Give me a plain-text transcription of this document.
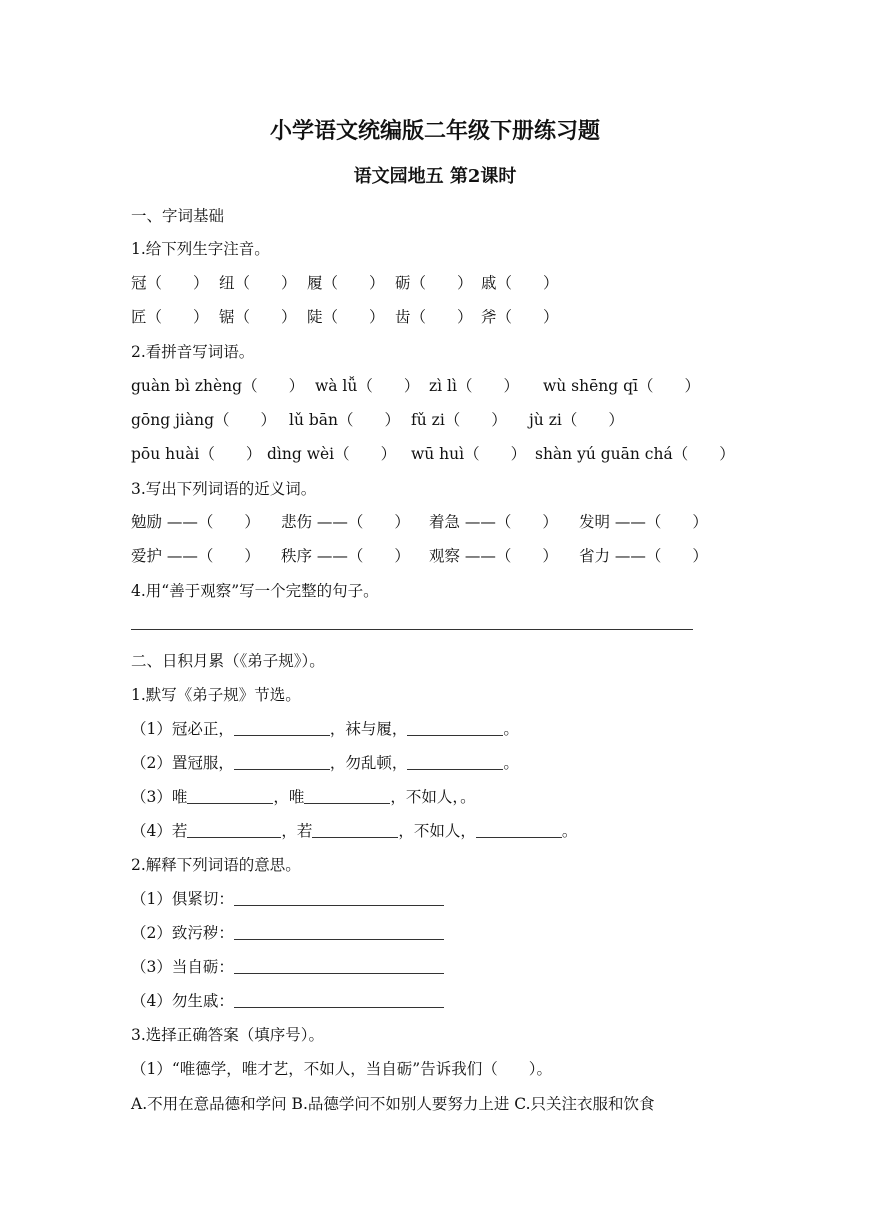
小学语文统编版二年级下册练习题
语文园地五 第2课时
一、字词基础
1.给下列生字注音。
冠（　　） 纽（　　） 履（　　） 砺（　　） 戚（　　）
匠（　　） 锯（　　） 陡（　　） 齿（　　） 斧（　　）
2.看拼音写词语。
guàn bì zhèng（　　） wà lǚ（　　） zì lì（　　） wù shēng qī（　　）
gōng jiàng（　　） lǔ bān（　　） fǔ zi（　　） jù zi（　　）
pōu huài（　　） dìng wèi（　　） wū huì（　　） shàn yú guān chá（　　）
3.写出下列词语的近义词。
勉励 ——（　　） 悲伤 ——（　　） 着急 ——（　　） 发明 ——（　　）
爱护 ——（　　） 秩序 ——（　　） 观察 ——（　　） 省力 ——（　　）
4.用“善于观察”写一个完整的句子。
二、日积月累（《弟子规》）。
1.默写《弟子规》节选。
（1）冠必正，	，袜与履，	。
（2）置冠服，	，勿乱顿，	。
（3）唯	，唯	，不如人，。
（4）若	，若	，不如人，	。
2.解释下列词语的意思。
（1）俱紧切：
（2）致污秽：
（3）当自砺：
（4）勿生戚：
3.选择正确答案（填序号）。
（1）“唯德学，唯才艺，不如人，当自砺”告诉我们（　　）。
A.不用在意品德和学问 B.品德学问不如别人要努力上进 C.只关注衣服和饮食
